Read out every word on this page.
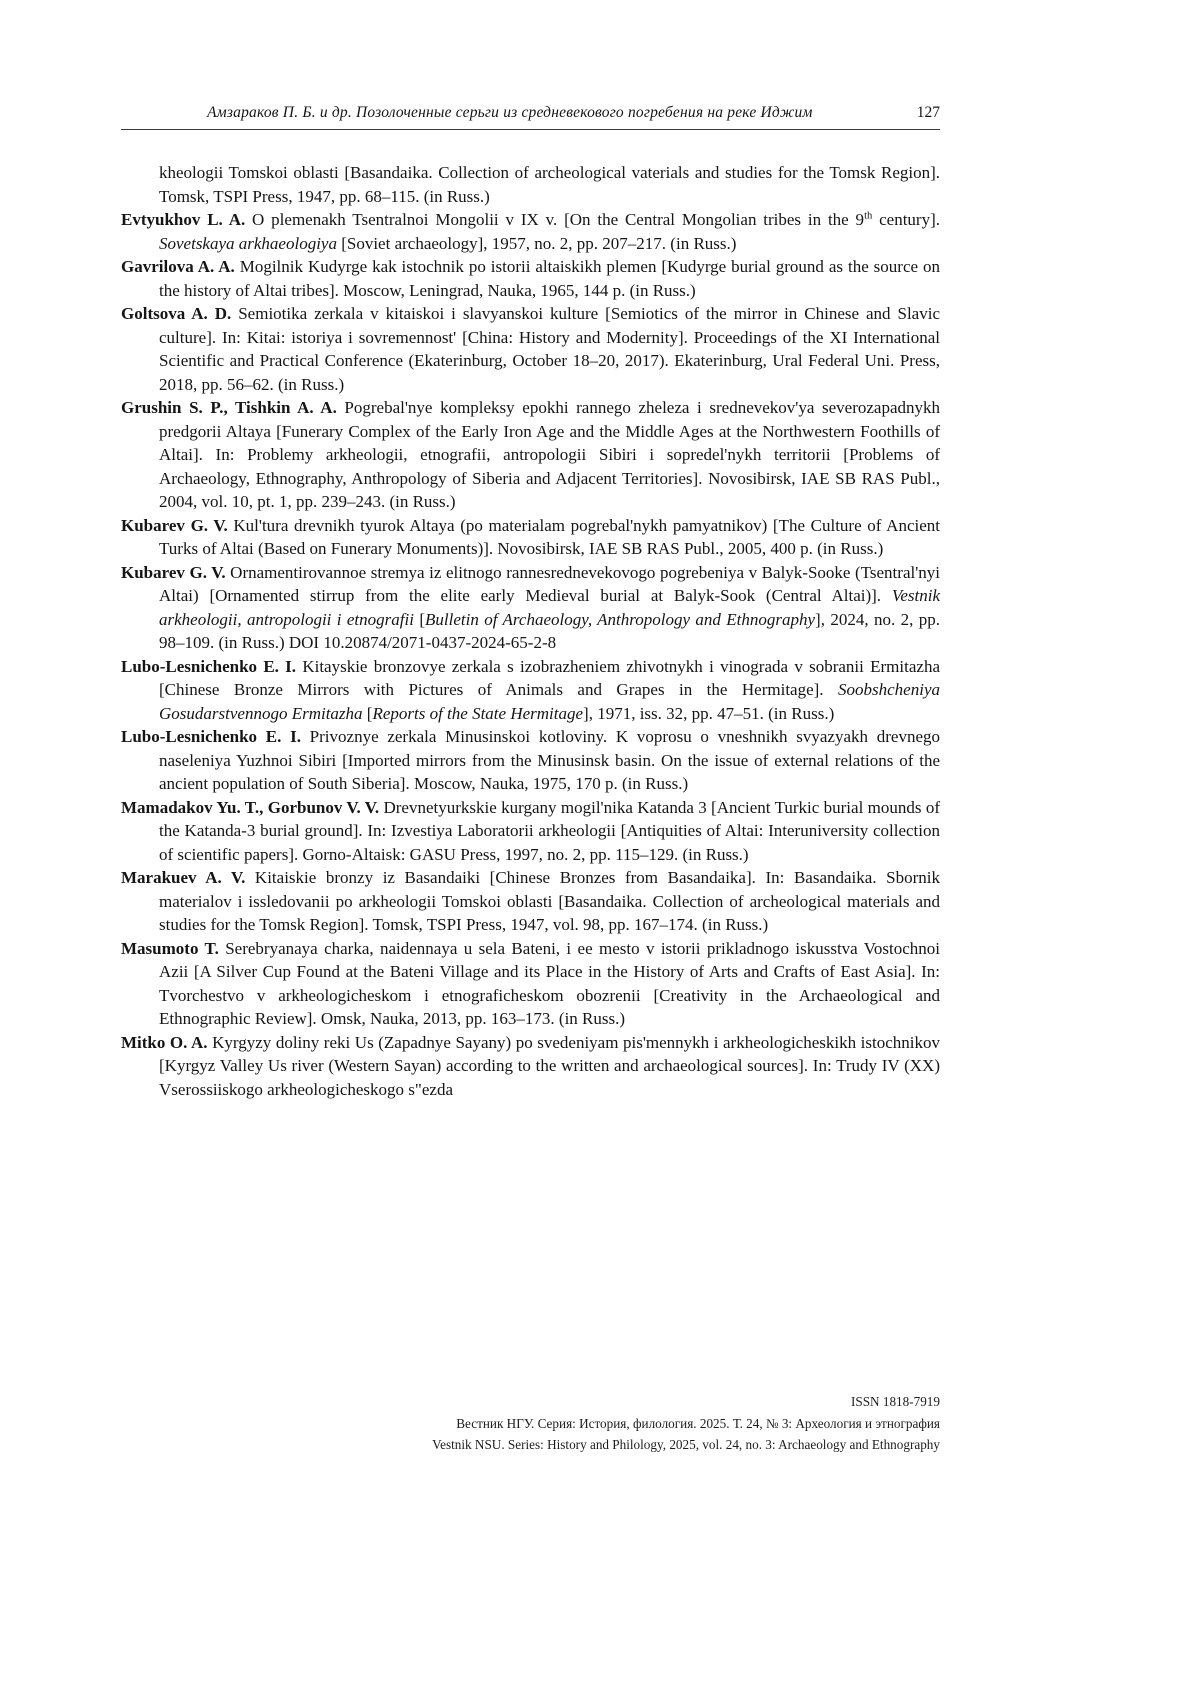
Амзараков П. Б. и др. Позолоченные серьги из средневекового погребения на реке Иджим	127

kheologii Tomskoi oblasti [Basandaika. Collection of archeological vaterials and studies for the Tomsk Region]. Tomsk, TSPI Press, 1947, pp. 68–115. (in Russ.)

Evtyukhov L. A. O plemenakh Tsentralnoi Mongolii v IX v. [On the Central Mongolian tribes in the 9th century]. Sovetskaya arkhaeologiya [Soviet archaeology], 1957, no. 2, pp. 207–217. (in Russ.)

Gavrilova A. A. Mogilnik Kudyrge kak istochnik po istorii altaiskikh plemen [Kudyrge burial ground as the source on the history of Altai tribes]. Moscow, Leningrad, Nauka, 1965, 144 p. (in Russ.)

Goltsova A. D. Semiotika zerkala v kitaiskoi i slavyanskoi kulture [Semiotics of the mirror in Chinese and Slavic culture]. In: Kitai: istoriya i sovremennost' [China: History and Modernity]. Proceedings of the XI International Scientific and Practical Conference (Ekaterinburg, October 18–20, 2017). Ekaterinburg, Ural Federal Uni. Press, 2018, pp. 56–62. (in Russ.)

Grushin S. P., Tishkin A. A. Pogrebal'nye kompleksy epokhi rannego zheleza i srednevekov'ya severozapadnykh predgorii Altaya [Funerary Complex of the Early Iron Age and the Middle Ages at the Northwestern Foothills of Altai]. In: Problemy arkheologii, etnografii, antropologii Sibiri i sopredel'nykh territorii [Problems of Archaeology, Ethnography, Anthropology of Siberia and Adjacent Territories]. Novosibirsk, IAE SB RAS Publ., 2004, vol. 10, pt. 1, pp. 239–243. (in Russ.)

Kubarev G. V. Kul'tura drevnikh tyurok Altaya (po materialam pogrebal'nykh pamyatnikov) [The Culture of Ancient Turks of Altai (Based on Funerary Monuments)]. Novosibirsk, IAE SB RAS Publ., 2005, 400 p. (in Russ.)

Kubarev G. V. Ornamentirovannoe stremya iz elitnogo rannesrednevekovogo pogrebeniya v Balyk-Sooke (Tsentral'nyi Altai) [Ornamented stirrup from the elite early Medieval burial at Balyk-Sook (Central Altai)]. Vestnik arkheologii, antropologii i etnografii [Bulletin of Archaeology, Anthropology and Ethnography], 2024, no. 2, pp. 98–109. (in Russ.) DOI 10.20874/2071-0437-2024-65-2-8

Lubo-Lesnichenko E. I. Kitayskie bronzovye zerkala s izobrazheniem zhivotnykh i vinograda v sobranii Ermitazha [Chinese Bronze Mirrors with Pictures of Animals and Grapes in the Hermitage]. Soobshcheniya Gosudarstvennogo Ermitazha [Reports of the State Hermitage], 1971, iss. 32, pp. 47–51. (in Russ.)

Lubo-Lesnichenko E. I. Privoznye zerkala Minusinskoi kotloviny. K voprosu o vneshnikh svyazyakh drevnego naseleniya Yuzhnoi Sibiri [Imported mirrors from the Minusinsk basin. On the issue of external relations of the ancient population of South Siberia]. Moscow, Nauka, 1975, 170 p. (in Russ.)

Mamadakov Yu. T., Gorbunov V. V. Drevnetyurkskie kurgany mogil'nika Katanda 3 [Ancient Turkic burial mounds of the Katanda-3 burial ground]. In: Izvestiya Laboratorii arkheologii [Antiquities of Altai: Interuniversity collection of scientific papers]. Gorno-Altaisk: GASU Press, 1997, no. 2, pp. 115–129. (in Russ.)

Marakuev A. V. Kitaiskie bronzy iz Basandaiki [Chinese Bronzes from Basandaika]. In: Basandaika. Sbornik materialov i issledovanii po arkheologii Tomskoi oblasti [Basandaika. Collection of archeological materials and studies for the Tomsk Region]. Tomsk, TSPI Press, 1947, vol. 98, pp. 167–174. (in Russ.)

Masumoto T. Serebryanaya charka, naidennaya u sela Bateni, i ee mesto v istorii prikladnogo iskusstva Vostochnoi Azii [A Silver Cup Found at the Bateni Village and its Place in the History of Arts and Crafts of East Asia]. In: Tvorchestvo v arkheologicheskom i etnograficheskom obozrenii [Creativity in the Archaeological and Ethnographic Review]. Omsk, Nauka, 2013, pp. 163–173. (in Russ.)

Mitko O. A. Kyrgyzy doliny reki Us (Zapadnye Sayany) po svedeniyam pis'mennykh i arkheologicheskikh istochnikov [Kyrgyz Valley Us river (Western Sayan) according to the written and archaeological sources]. In: Trudy IV (XX) Vserossiiskogo arkheologicheskogo s"ezda

ISSN 1818-7919
Вестник НГУ. Серия: История, филология. 2025. Т. 24, № 3: Археология и этнография
Vestnik NSU. Series: History and Philology, 2025, vol. 24, no. 3: Archaeology and Ethnography
